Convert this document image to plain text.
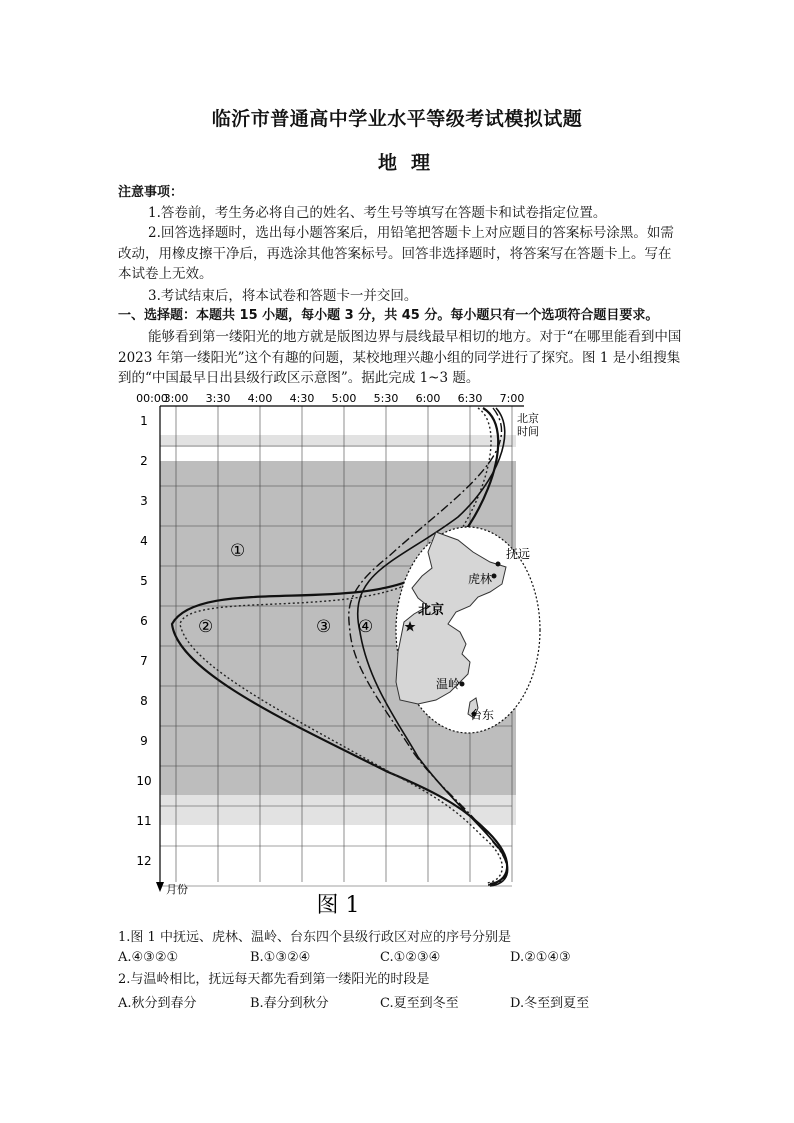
临沂市普通高中学业水平等级考试模拟试题
地理
注意事项：
1.答卷前，考生务必将自己的姓名、考生号等填写在答题卡和试卷指定位置。
2.回答选择题时，选出每小题答案后，用铅笔把答题卡上对应题目的答案标号涂黑。如需改动，用橡皮擦干净后，再选涂其他答案标号。回答非选择题时，将答案写在答题卡上。写在本试卷上无效。
3.考试结束后，将本试卷和答题卡一并交回。
一、选择题：本题共 15 小题，每小题 3 分，共 45 分。每小题只有一个选项符合题目要求。
能够看到第一缕阳光的地方就是版图边界与晨线最早相切的地方。对于“在哪里能看到中国 2023 年第一缕阳光”这个有趣的问题，某校地理兴趣小组的同学进行了探究。图 1 是小组搜集到的“中国最早日出县级行政区示意图”。据此完成 1~3 题。
00:00
3:00 3:30 4:00 4:30 5:00 5:30 6:00 6:30 7:00
1
2
3
4
5
6
7
8
9
10
11
12
月份
北京
时间
①
②	③ ④
抚远
虎林
北京
温岭
台东
图 1
1.图 1 中抚远、虎林、温岭、台东四个县级行政区对应的序号分别是
A.④③②①	B.①③②④	C.①②③④	D.②①④③
2.与温岭相比，抚远每天都先看到第一缕阳光的时段是
A.秋分到春分	B.春分到秋分	C.夏至到冬至	D.冬至到夏至
